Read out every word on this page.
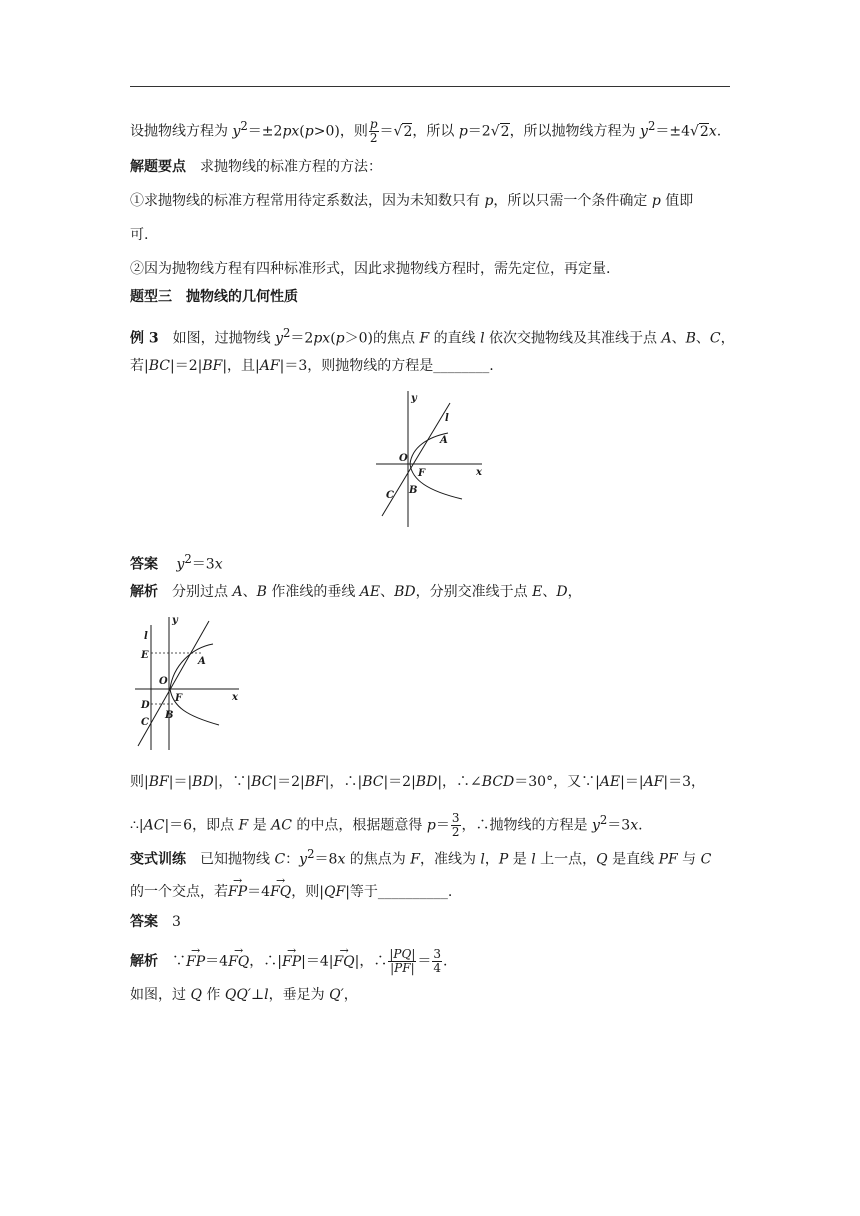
设抛物线方程为 $y^2=\pm 2px(p>0)$，则 $\frac{p}{2} =√2$，所以 p＝2√2，所以抛物线方程为 $y^2=\pm 4√2x$.
解题要点　求抛物线的标准方程的方法：
①求抛物线的标准方程常用待定系数法，因为未知数只有 p，所以只需一个条件确定 p 值即
可.
②因为抛物线方程有四种标准形式，因此求抛物线方程时，需先定位，再定量.
题型三　抛物线的几何性质
例 3　如图，过抛物线 $y^2=2px(p>0)$的焦点 F 的直线 l 依次交抛物线及其准线于点 A、B、C，
若|BC|＝2|BF|，且|AF|＝3，则抛物线的方程是________.
y
l
A
O
F	x
C B
答案　 $y^2=3x$
解析　分别过点 A、B 作准线的垂线 AE、BD，分别交准线于点 E、D，
l
y
E
A
O
F	x
D
C
B
则|BF|＝|BD|，∵|BC|＝2|BF|，∴|BC|＝2|BD|，∴∠BCD＝30°，又∵|AE|＝|AF|＝3，
∴|AC|＝6，即点 F 是 AC 的中点，根据题意得 $p= \frac{3}{2}$ ，∴抛物线的方程是 $y^2=3x$.
变式训练　已知抛物线 C：$y^2=8x$ 的焦点为 F，准线为 l，P 是 l 上一点，Q 是直线 PF 与 C
的一个交点，若→ FP＝4→ FQ，则|QF|等于__________.
答案　3
解析　∵→ FP＝4→ FQ，∴|→ FP|＝4|→ FQ|，∴ $\frac{|PQ|}{|PF|} = \frac{3}{4}$ .
如图，过 Q 作 QQ′⊥l，垂足为 Q′，
